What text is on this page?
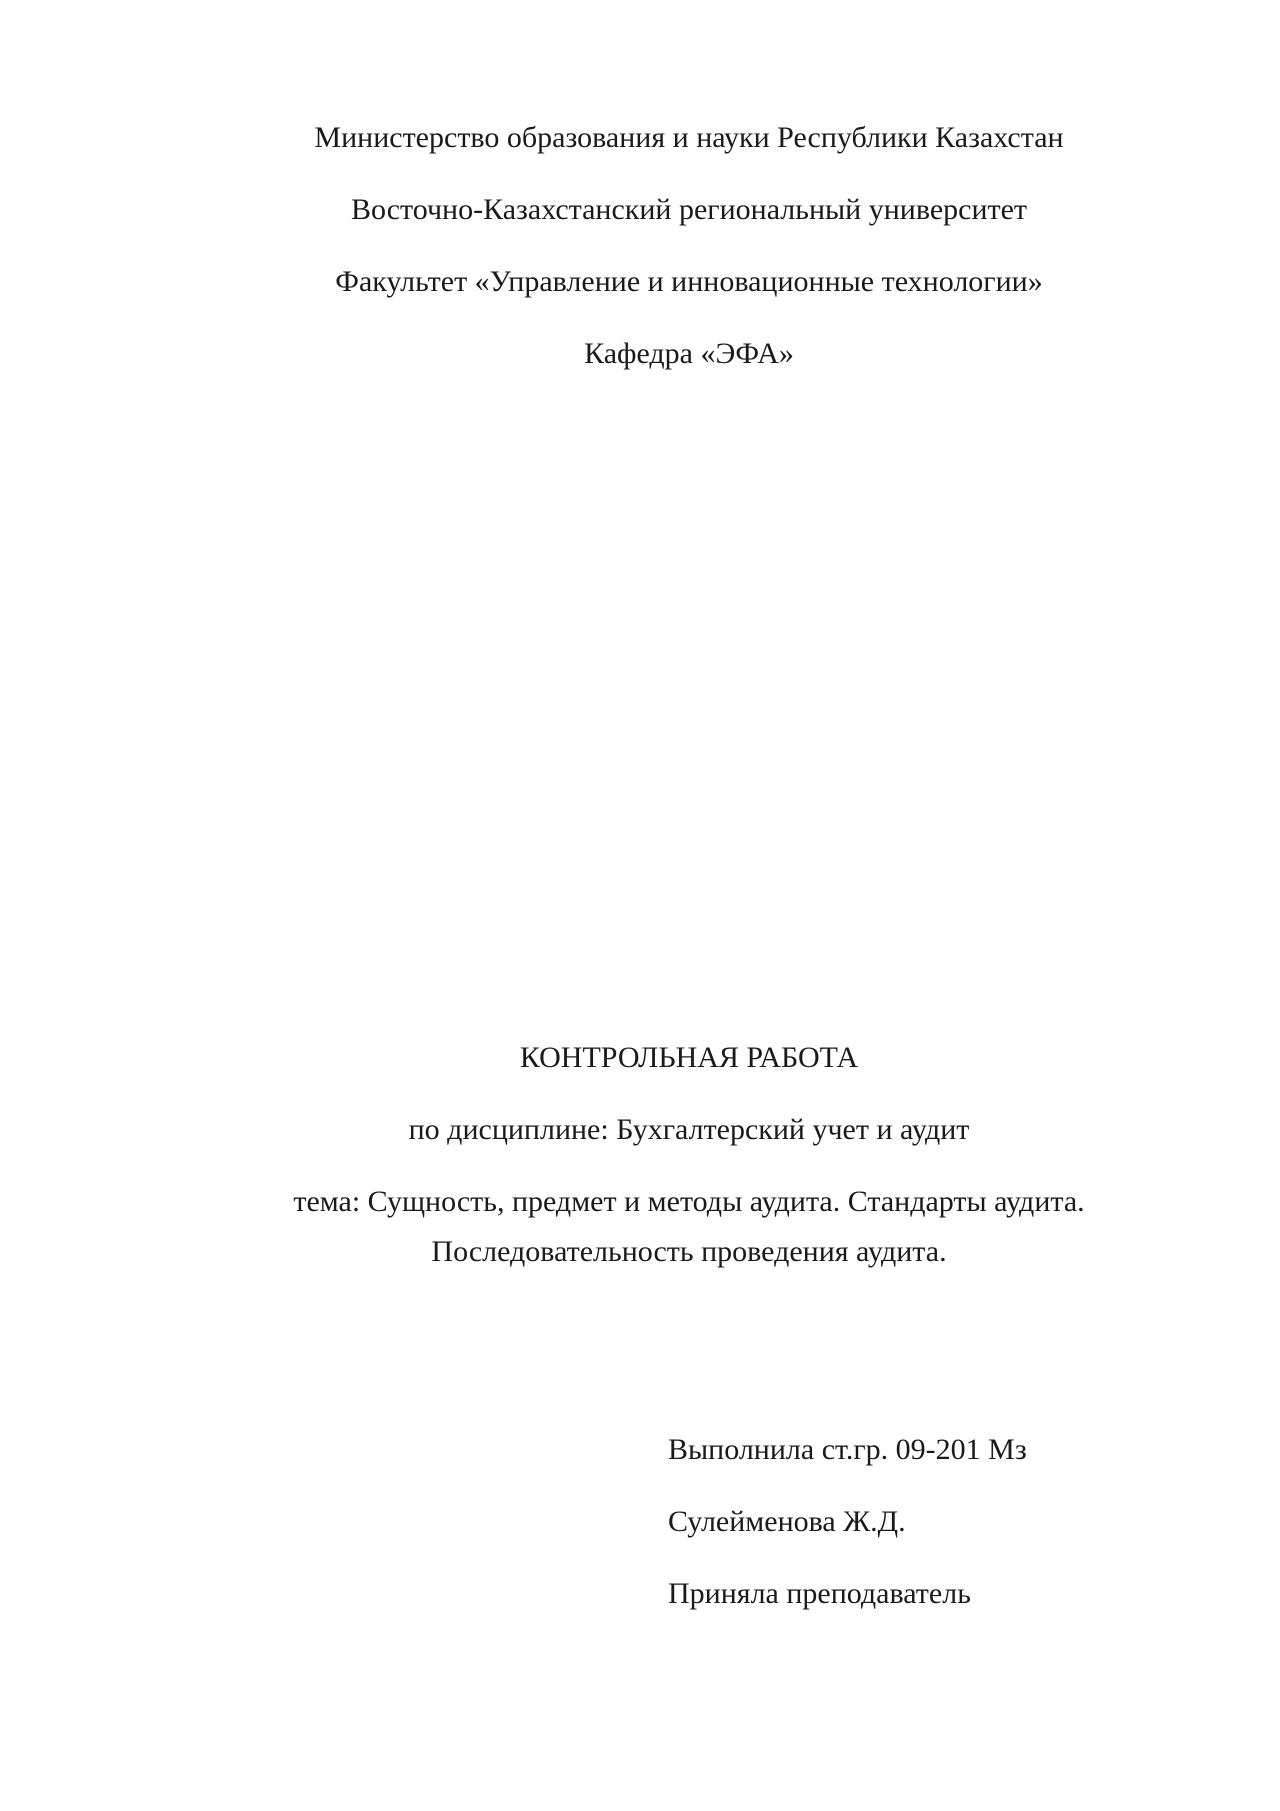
Министерство образования и науки Республики Казахстан
Восточно-Казахстанский региональный университет
Факультет «Управление и инновационные технологии»
Кафедра «ЭФА»
КОНТРОЛЬНАЯ РАБОТА
по дисциплине: Бухгалтерский учет и аудит
тема: Сущность, предмет и методы аудита. Стандарты аудита.
Последовательность проведения аудита.
Выполнила ст.гр. 09-201 Мз
Сулейменова Ж.Д.
Приняла преподаватель
